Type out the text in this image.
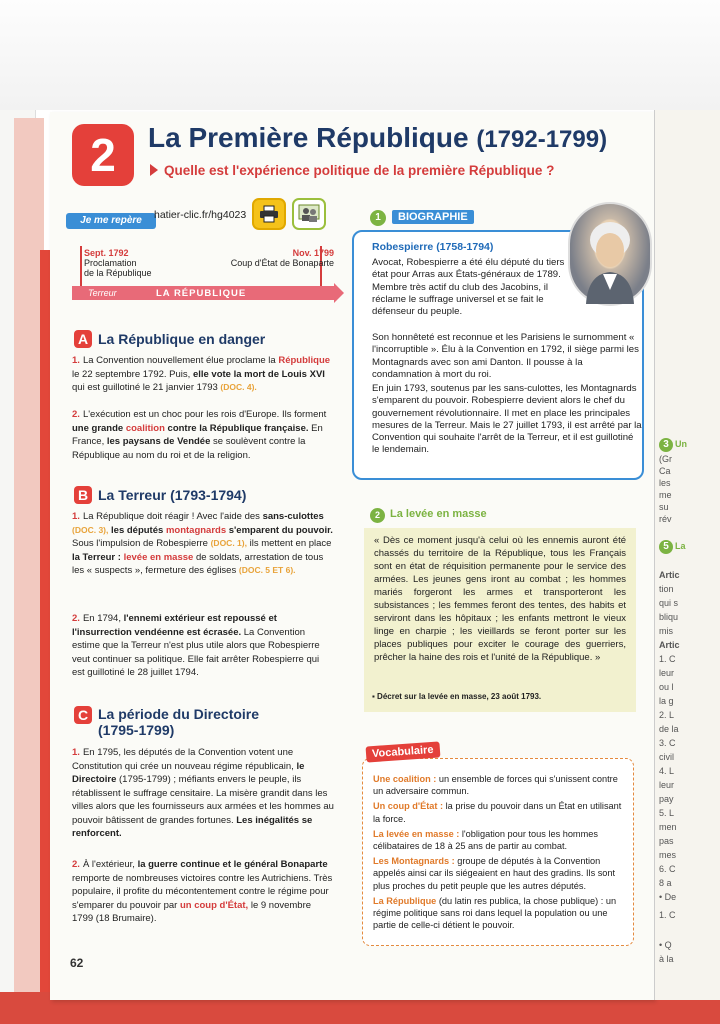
3 Un
(Gr
Ca
les
me
su
rév
5 La
Artic
tion
qui s
bliqu
mis
Artic
1. C
leur
ou l
la g
2. L
de la
3. C
civil
4. L
leur
pay
5. L
men
pas
mes
6. C
8 a
• De
1. C
• Q
à la
2	La Première République (1792-1799)
Quelle est l'expérience politique de la première République ?
Je me repère	hatier-clic.fr/hg4023
Sept. 1792
Proclamation
de la République
Nov. 1799
Coup d'État de Bonaparte
Terreur	LA RÉPUBLIQUE
A La République en danger
1. La Convention nouvellement élue proclame la République le 22 septembre 1792. Puis, elle vote la mort de Louis XVI qui est guillotiné le 21 janvier 1793 (DOC. 4).
2. L'exécution est un choc pour les rois d'Europe. Ils forment une grande coalition contre la République française. En France, les paysans de Vendée se soulèvent contre la République au nom du roi et de la religion.
B La Terreur (1793-1794)
1. La République doit réagir ! Avec l'aide des sans-culottes (DOC. 3), les députés montagnards s'emparent du pouvoir. Sous l'impulsion de Robespierre (DOC. 1), ils mettent en place la Terreur : levée en masse de soldats, arrestation de tous les « suspects », fermeture des églises (DOC. 5 ET 6).
2. En 1794, l'ennemi extérieur est repoussé et l'insurrection vendéenne est écrasée. La Convention estime que la Terreur n'est plus utile alors que Robespierre veut continuer sa politique. Elle fait arrêter Robespierre qui est guillotiné le 28 juillet 1794.
C La période du Directoire
(1795-1799)
1. En 1795, les députés de la Convention votent une Constitution qui crée un nouveau régime républicain, le Directoire (1795-1799) ; méfiants envers le peuple, ils rétablissent le suffrage censitaire. La misère grandit dans les villes alors que les fournisseurs aux armées et les hommes au pouvoir bâtissent de grandes fortunes. Les inégalités se renforcent.
2. À l'extérieur, la guerre continue et le général Bonaparte remporte de nombreuses victoires contre les Autrichiens. Très populaire, il profite du mécontentement contre le régime pour s'emparer du pouvoir par un coup d'État, le 9 novembre 1799 (18 Brumaire).
1	BIOGRAPHIE
Robespierre (1758-1794)
Avocat, Robespierre a été élu député du tiers état pour Arras aux États-généraux de 1789. Membre très actif du club des Jacobins, il réclame le suffrage universel et se fait le défenseur du peuple.
Son honnêteté est reconnue et les Parisiens le surnomment « l'incorruptible ». Élu à la Convention en 1792, il siège parmi les Montagnards avec son ami Danton. Il pousse à la condamnation à mort du roi.
En juin 1793, soutenus par les sans-culottes, les Montagnards s'emparent du pouvoir. Robespierre devient alors le chef du gouvernement révolutionnaire. Il met en place les principales mesures de la Terreur. Mais le 27 juillet 1793, il est arrêté par la Convention qui souhaite l'arrêt de la Terreur, et il est guillotiné le lendemain.
2 La levée en masse
« Dès ce moment jusqu'à celui où les ennemis auront été chassés du territoire de la République, tous les Français sont en état de réquisition permanente pour le service des armées. Les jeunes gens iront au combat ; les hommes mariés forgeront les armes et transporteront les subsistances ; les femmes feront des tentes, des habits et serviront dans les hôpitaux ; les enfants mettront le vieux linge en charpie ; les vieillards se feront porter sur les places publiques pour exciter le courage des guerriers, prêcher la haine des rois et l'unité de la République. »
▪ Décret sur la levée en masse, 23 août 1793.
Une coalition : un ensemble de forces qui s'unissent contre un adversaire commun.
Un coup d'État : la prise du pouvoir dans un État en utilisant la force.
La levée en masse : l'obligation pour tous les hommes célibataires de 18 à 25 ans de partir au combat.
Les Montagnards : groupe de députés à la Convention appelés ainsi car ils siégeaient en haut des gradins. Ils sont plus proches du petit peuple que les autres députés.
La République (du latin res publica, la chose publique) : un régime politique sans roi dans lequel la population ou une partie de celle-ci détient le pouvoir.
Vocabulaire
62
